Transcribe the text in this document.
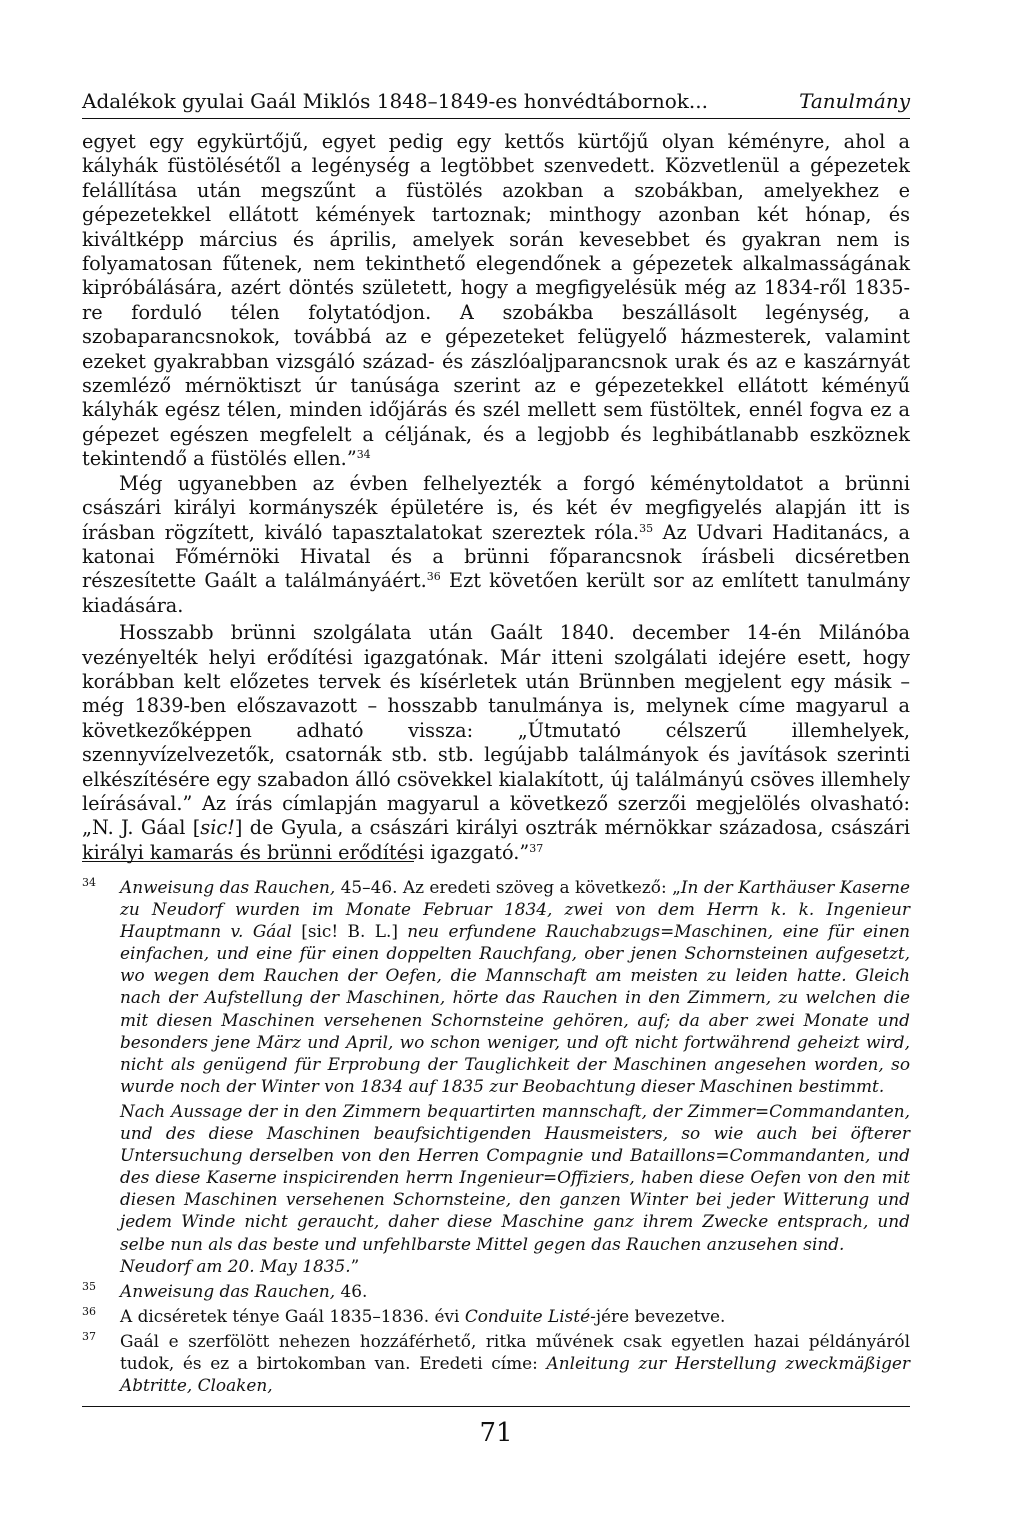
Adalékok gyulai Gaál Miklós 1848–1849-es honvédtábornok...	Tanulmány

egyet egy egykürtőjű, egyet pedig egy kettős kürtőjű olyan kéményre, ahol a kályhák füstölésétől a legénység a legtöbbet szenvedett. Közvetlenül a gépezetek felállítása után megszűnt a füstölés azokban a szobákban, amelyekhez e gépezetekkel ellátott kémények tartoznak; minthogy azonban két hónap, és kiváltképp március és április, amelyek során kevesebbet és gyakran nem is folyamatosan fűtenek, nem tekinthető elegendőnek a gépezetek alkalmasságának kipróbálására, azért döntés született, hogy a megfigyelésük még az 1834-ről 1835-re forduló télen folytatódjon. A szobákba beszállásolt legénység, a szobaparancsnokok, továbbá az e gépezeteket felügyelő házmesterek, valamint ezeket gyakrabban vizsgáló század- és zászlóaljparancsnok urak és az e kaszárnyát szemléző mérnöktiszt úr tanúsága szerint az e gépezetekkel ellátott kéményű kályhák egész télen, minden időjárás és szél mellett sem füstöltek, ennél fogva ez a gépezet egészen megfelelt a céljának, és a legjobb és leghibátlanabb eszköznek tekintendő a füstölés ellen.”$^{34}$

Még ugyanebben az évben felhelyezték a forgó kéménytoldatot a brünni császári királyi kormányszék épületére is, és két év megfigyelés alapján itt is írásban rögzített, kiváló tapasztalatokat szereztek róla.$^{35}$ Az Udvari Haditanács, a katonai Főmérnöki Hivatal és a brünni főparancsnok írásbeli dicséretben részesítette Gaált a találmányáért.$^{36}$ Ezt követően került sor az említett tanulmány kiadására.

Hosszabb brünni szolgálata után Gaált 1840. december 14-én Milánóba vezényelték helyi erődítési igazgatónak. Már itteni szolgálati idejére esett, hogy korábban kelt előzetes tervek és kísérletek után Brünnben megjelent egy másik – még 1839-ben előszavazott – hosszabb tanulmánya is, melynek címe magyarul a következőképpen adható vissza: „Útmutató célszerű illemhelyek, szennyvízelvezetők, csatornák stb. stb. legújabb találmányok és javítások szerinti elkészítésére egy szabadon álló csövekkel kialakított, új találmányú csöves illemhely leírásával.” Az írás címlapján magyarul a következő szerzői megjelölés olvasható: „N. J. Gáal [sic!] de Gyula, a császári királyi osztrák mérnökkar századosa, császári királyi kamarás és brünni erődítési igazgató.”$^{37}$

34 Anweisung das Rauchen, 45–46. Az eredeti szöveg a következő: „In der Karthäuser Kaserne zu Neudorf wurden im Monate Februar 1834, zwei von dem Herrn k. k. Ingenieur Hauptmann v. Gáal [sic! B. L.] neu erfundene Rauchabzugs=Maschinen, eine für einen einfachen, und eine für einen doppelten Rauchfang, ober jenen Schornsteinen aufgesetzt, wo wegen dem Rauchen der Oefen, die Mannschaft am meisten zu leiden hatte. Gleich nach der Aufstellung der Maschinen, hörte das Rauchen in den Zimmern, zu welchen die mit diesen Maschinen versehenen Schornsteine gehören, auf; da aber zwei Monate und besonders jene März und April, wo schon weniger, und oft nicht fortwährend geheizt wird, nicht als genügend für Erprobung der Tauglichkeit der Maschinen angesehen worden, so wurde noch der Winter von 1834 auf 1835 zur Beobachtung dieser Maschinen bestimmt.
Nach Aussage der in den Zimmern bequartirten mannschaft, der Zimmer=Commandanten, und des diese Maschinen beaufsichtigenden Hausmeisters, so wie auch bei öfterer Untersuchung derselben von den Herren Compagnie und Bataillons=Commandanten, und des diese Kaserne inspicirenden herrn Ingenieur=Offiziers, haben diese Oefen von den mit diesen Maschinen versehenen Schornsteine, den ganzen Winter bei jeder Witterung und jedem Winde nicht geraucht, daher diese Maschine ganz ihrem Zwecke entsprach, und selbe nun als das beste und unfehlbarste Mittel gegen das Rauchen anzusehen sind.
Neudorf am 20. May 1835.”
35 Anweisung das Rauchen, 46.
36 A dicséretek ténye Gaál 1835–1836. évi Conduite Listé-jére bevezetve.
37 Gaál e szerfölött nehezen hozzáférhető, ritka művének csak egyetlen hazai példányáról tudok, és ez a birtokomban van. Eredeti címe: Anleitung zur Herstellung zweckmäßiger Abtritte, Cloaken,
71
